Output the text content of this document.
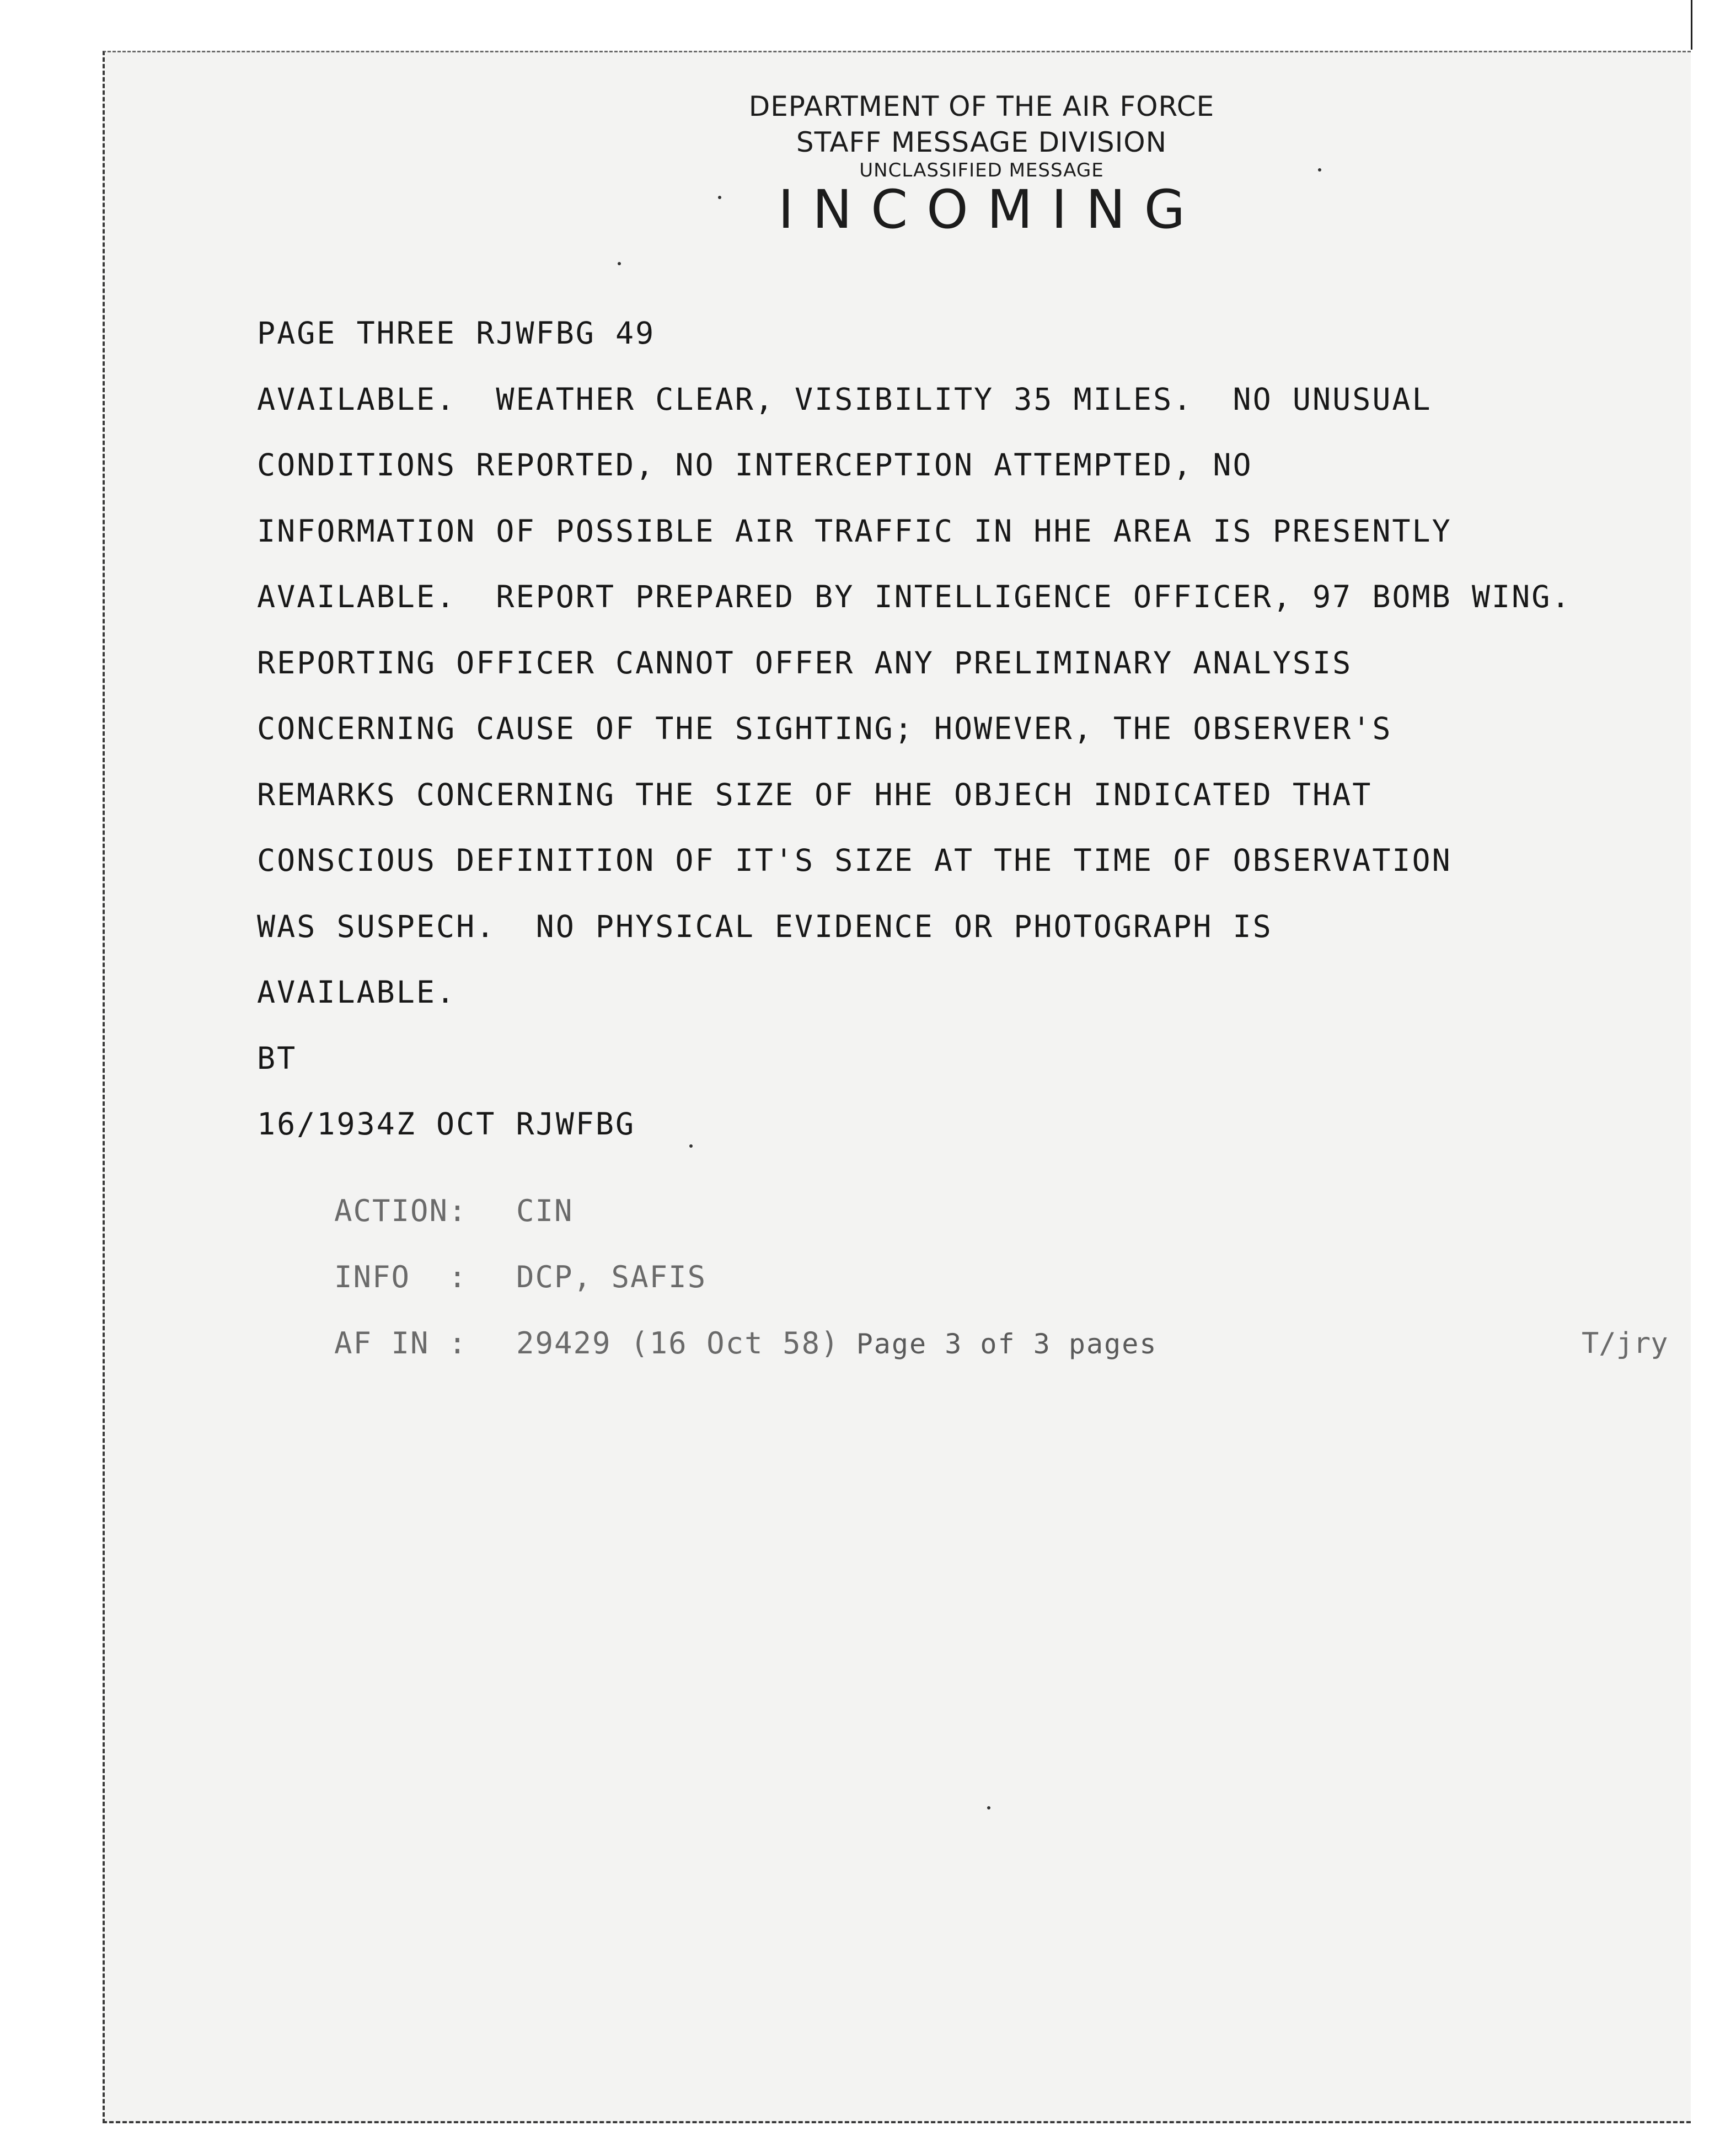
DEPARTMENT OF THE AIR FORCE
STAFF MESSAGE DIVISION
UNCLASSIFIED MESSAGE
INCOMING
PAGE THREE RJWFBG 49
AVAILABLE.  WEATHER CLEAR, VISIBILITY 35 MILES.  NO UNUSUAL
CONDITIONS REPORTED, NO INTERCEPTION ATTEMPTED, NO
INFORMATION OF POSSIBLE AIR TRAFFIC IN HHE AREA IS PRESENTLY
AVAILABLE.  REPORT PREPARED BY INTELLIGENCE OFFICER, 97 BOMB WING.
REPORTING OFFICER CANNOT OFFER ANY PRELIMINARY ANALYSIS
CONCERNING CAUSE OF THE SIGHTING; HOWEVER, THE OBSERVER'S
REMARKS CONCERNING THE SIZE OF HHE OBJECH INDICATED THAT
CONSCIOUS DEFINITION OF IT'S SIZE AT THE TIME OF OBSERVATION
WAS SUSPECH.  NO PHYSICAL EVIDENCE OR PHOTOGRAPH IS
AVAILABLE.
BT
16/1934Z OCT RJWFBG
ACTION: CIN
INFO  : DCP, SAFIS
AF IN : 29429 (16 Oct 58) Page 3 of 3 pages	T/jry
